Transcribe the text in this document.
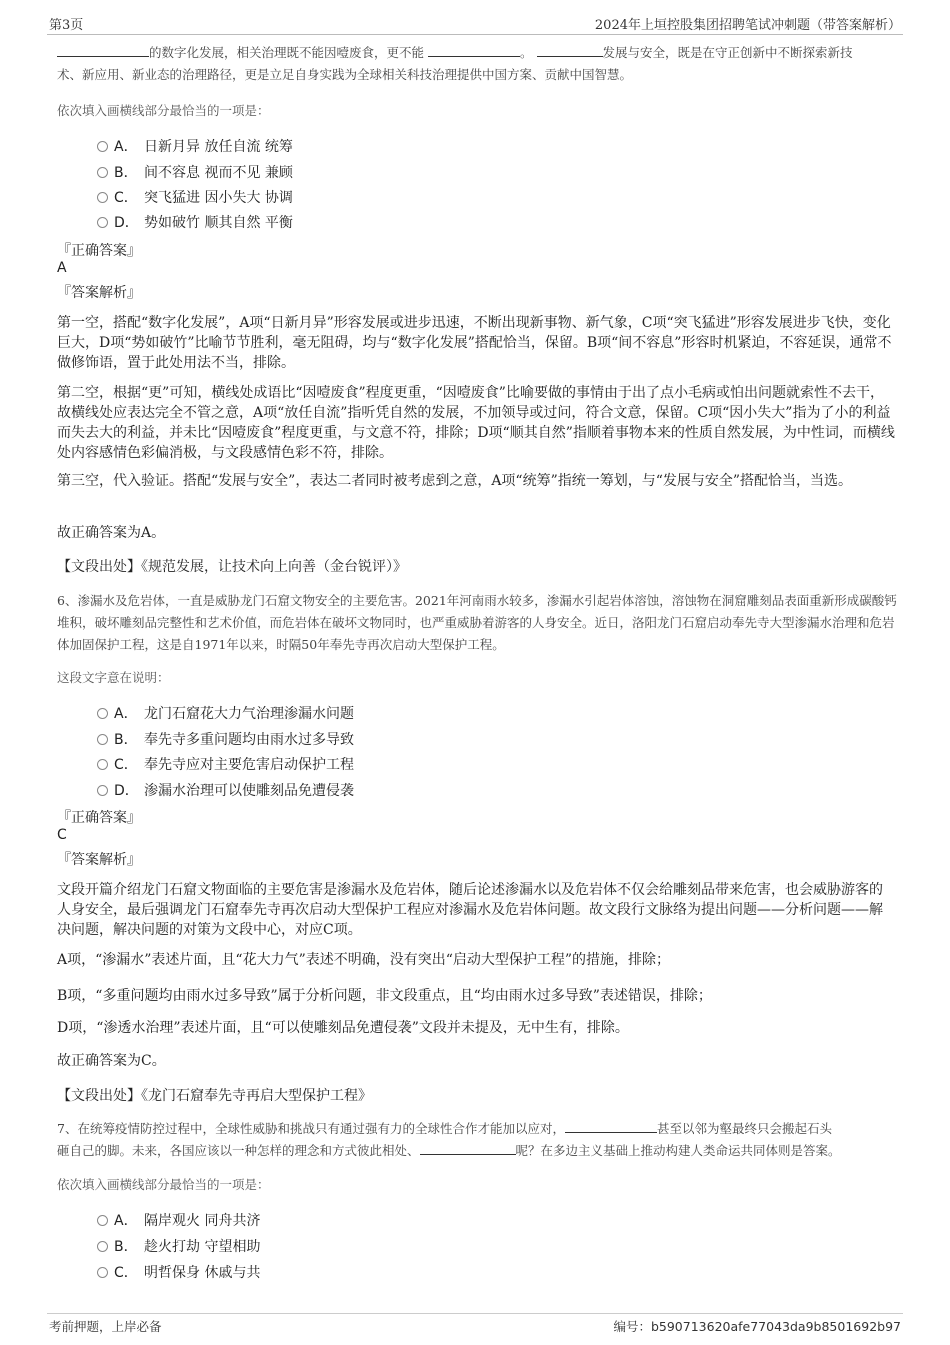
第3页	2024年上垣控股集团招聘笔试冲刺题（带答案解析）
的数字化发展，相关治理既不能因噎废食，更不能	。	发展与安全，既是在守正创新中不断探索新技
术、新应用、新业态的治理路径，更是立足自身实践为全球相关科技治理提供中国方案、贡献中国智慧。
依次填入画横线部分最恰当的一项是：
A． 日新月异 放任自流 统筹
B． 间不容息 视而不见 兼顾
C． 突飞猛进 因小失大 协调
D． 势如破竹 顺其自然 平衡
『正确答案』
A
『答案解析』
第一空，搭配“数字化发展”，A项“日新月异”形容发展或进步迅速，不断出现新事物、新气象，C项“突飞猛进”形容发展进步飞快，变化巨大，D项“势如破竹”比喻节节胜利，毫无阻碍，均与“数字化发展”搭配恰当，保留。B项“间不容息”形容时机紧迫，不容延误，通常不做修饰语，置于此处用法不当，排除。
第二空，根据“更”可知，横线处成语比“因噎废食”程度更重，“因噎废食”比喻要做的事情由于出了点小毛病或怕出问题就索性不去干，故横线处应表达完全不管之意，A项“放任自流”指听凭自然的发展，不加领导或过问，符合文意，保留。C项“因小失大”指为了小的利益而失去大的利益，并未比“因噎废食”程度更重，与文意不符，排除；D项“顺其自然”指顺着事物本来的性质自然发展，为中性词，而横线处内容感情色彩偏消极，与文段感情色彩不符，排除。
第三空，代入验证。搭配“发展与安全”，表达二者同时被考虑到之意，A项“统筹”指统一筹划，与“发展与安全”搭配恰当，当选。
故正确答案为A。
【文段出处】《规范发展，让技术向上向善（金台锐评）》
6、渗漏水及危岩体，一直是威胁龙门石窟文物安全的主要危害。2021年河南雨水较多，渗漏水引起岩体溶蚀，溶蚀物在洞窟雕刻品表面重新形成碳酸钙堆积，破坏雕刻品完整性和艺术价值，而危岩体在破坏文物同时，也严重威胁着游客的人身安全。近日，洛阳龙门石窟启动奉先寺大型渗漏水治理和危岩体加固保护工程，这是自1971年以来，时隔50年奉先寺再次启动大型保护工程。
这段文字意在说明：
A． 龙门石窟花大力气治理渗漏水问题
B． 奉先寺多重问题均由雨水过多导致
C． 奉先寺应对主要危害启动保护工程
D． 渗漏水治理可以使雕刻品免遭侵袭
『正确答案』
C
『答案解析』
文段开篇介绍龙门石窟文物面临的主要危害是渗漏水及危岩体，随后论述渗漏水以及危岩体不仅会给雕刻品带来危害，也会威胁游客的人身安全，最后强调龙门石窟奉先寺再次启动大型保护工程应对渗漏水及危岩体问题。故文段行文脉络为提出问题——分析问题——解决问题，解决问题的对策为文段中心，对应C项。
A项，“渗漏水”表述片面，且“花大力气”表述不明确，没有突出“启动大型保护工程”的措施，排除；
B项，“多重问题均由雨水过多导致”属于分析问题，非文段重点，且“均由雨水过多导致”表述错误，排除；
D项，“渗透水治理”表述片面，且“可以使雕刻品免遭侵袭”文段并未提及，无中生有，排除。
故正确答案为C。
【文段出处】《龙门石窟奉先寺再启大型保护工程》
7、在统筹疫情防控过程中，全球性威胁和挑战只有通过强有力的全球性合作才能加以应对，	甚至以邻为壑最终只会搬起石头
砸自己的脚。未来，各国应该以一种怎样的理念和方式彼此相处、	呢？在多边主义基础上推动构建人类命运共同体则是答案。
依次填入画横线部分最恰当的一项是：
A． 隔岸观火 同舟共济
B． 趁火打劫 守望相助
C． 明哲保身 休戚与共
考前押题，上岸必备	编号：b590713620afe77043da9b8501692b97
